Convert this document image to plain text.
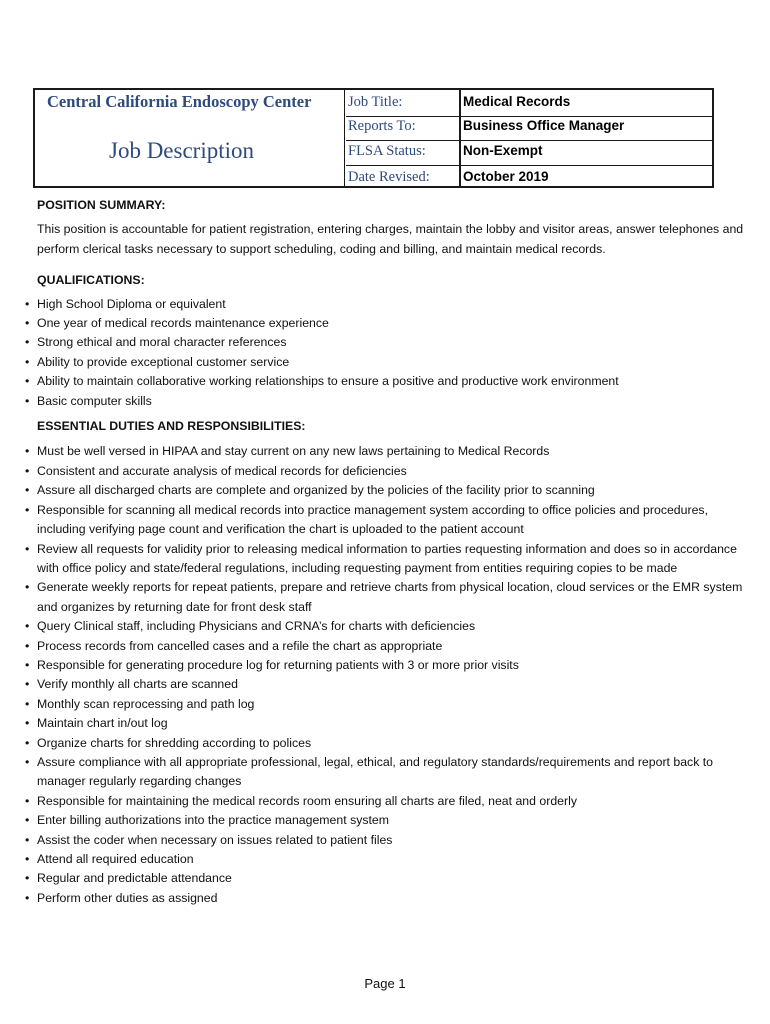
Central California Endoscopy Center
Job Description
Job Title:	Medical Records
Reports To:	Business Office Manager
FLSA Status:	Non-Exempt
Date Revised: October 2019

POSITION SUMMARY:

This position is accountable for patient registration, entering charges, maintain the lobby and visitor areas, answer telephones and perform clerical tasks necessary to support scheduling, coding and billing, and maintain medical records.

QUALIFICATIONS:

• High School Diploma or equivalent
• One year of medical records maintenance experience
• Strong ethical and moral character references
• Ability to provide exceptional customer service
• Ability to maintain collaborative working relationships to ensure a positive and productive work environment
• Basic computer skills

ESSENTIAL DUTIES AND RESPONSIBILITIES:

• Must be well versed in HIPAA and stay current on any new laws pertaining to Medical Records
• Consistent and accurate analysis of medical records for deficiencies
• Assure all discharged charts are complete and organized by the policies of the facility prior to scanning
• Responsible for scanning all medical records into practice management system according to office policies and procedures, including verifying page count and verification the chart is uploaded to the patient account
• Review all requests for validity prior to releasing medical information to parties requesting information and does so in accordance with office policy and state/federal regulations, including requesting payment from entities requiring copies to be made
• Generate weekly reports for repeat patients, prepare and retrieve charts from physical location, cloud services or the EMR system and organizes by returning date for front desk staff
• Query Clinical staff, including Physicians and CRNA’s for charts with deficiencies
• Process records from cancelled cases and a refile the chart as appropriate
• Responsible for generating procedure log for returning patients with 3 or more prior visits
• Verify monthly all charts are scanned
• Monthly scan reprocessing and path log
• Maintain chart in/out log
• Organize charts for shredding according to polices
• Assure compliance with all appropriate professional, legal, ethical, and regulatory standards/requirements and report back to manager regularly regarding changes
• Responsible for maintaining the medical records room ensuring all charts are filed, neat and orderly
• Enter billing authorizations into the practice management system
• Assist the coder when necessary on issues related to patient files
• Attend all required education
• Regular and predictable attendance
• Perform other duties as assigned
Page 1
